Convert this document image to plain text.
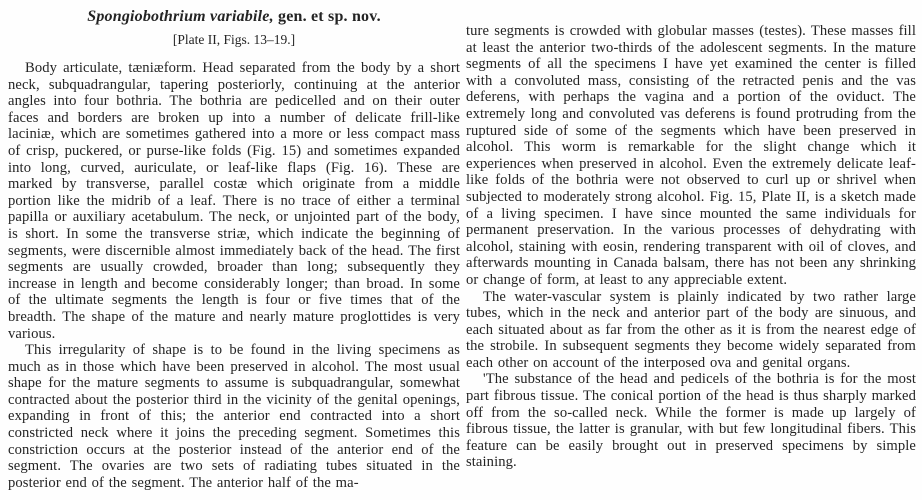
Spongiobothrium variabile, gen. et sp. nov.
[Plate II, Figs. 13–19.]

Body articulate, tæniæform. Head separated from the body by a short neck, subquadrangular, tapering posteriorly, continuing at the anterior angles into four bothria. The bothria are pedicelled and on their outer faces and borders are broken up into a number of delicate frill-like laciniæ, which are sometimes gathered into a more or less compact mass of crisp, puckered, or purse-like folds (Fig. 15) and sometimes expanded into long, curved, auriculate, or leaf-like flaps (Fig. 16). These are marked by transverse, parallel costæ which originate from a middle portion like the midrib of a leaf. There is no trace of either a terminal papilla or auxiliary acetabulum. The neck, or unjointed part of the body, is short. In some the transverse striæ, which indicate the beginning of segments, were discernible almost immediately back of the head. The first segments are usually crowded, broader than long; subsequently they increase in length and become considerably longer; than broad. In some of the ultimate segments the length is four or five times that of the breadth. The shape of the mature and nearly mature proglottides is very various.

This irregularity of shape is to be found in the living specimens as much as in those which have been preserved in alcohol. The most usual shape for the mature segments to assume is subquadrangular, somewhat contracted about the posterior third in the vicinity of the genital openings, expanding in front of this; the anterior end contracted into a short constricted neck where it joins the preceding segment. Sometimes this constriction occurs at the posterior instead of the anterior end of the segment. The ovaries are two sets of radiating tubes situated in the posterior end of the segment. The anterior half of the ma-

ture segments is crowded with globular masses (testes). These masses fill at least the anterior two-thirds of the adolescent segments. In the mature segments of all the specimens I have yet examined the center is filled with a convoluted mass, consisting of the retracted penis and the vas deferens, with perhaps the vagina and a portion of the oviduct. The extremely long and convoluted vas deferens is found protruding from the ruptured side of some of the segments which have been preserved in alcohol. This worm is remarkable for the slight change which it experiences when preserved in alcohol. Even the extremely delicate leaf-like folds of the bothria were not observed to curl up or shrivel when subjected to moderately strong alcohol. Fig. 15, Plate II, is a sketch made of a living specimen. I have since mounted the same individuals for permanent preservation. In the various processes of dehydrating with alcohol, staining with eosin, rendering transparent with oil of cloves, and afterwards mounting in Canada balsam, there has not been any shrinking or change of form, at least to any appreciable extent.

The water-vascular system is plainly indicated by two rather large tubes, which in the neck and anterior part of the body are sinuous, and each situated about as far from the other as it is from the nearest edge of the strobile. In subsequent segments they become widely separated from each other on account of the interposed ova and genital organs.

'The substance of the head and pedicels of the bothria is for the most part fibrous tissue. The conical portion of the head is thus sharply marked off from the so-called neck. While the former is made up largely of fibrous tissue, the latter is granular, with but few longitudinal fibers. This feature can be easily brought out in preserved specimens by simple staining.
